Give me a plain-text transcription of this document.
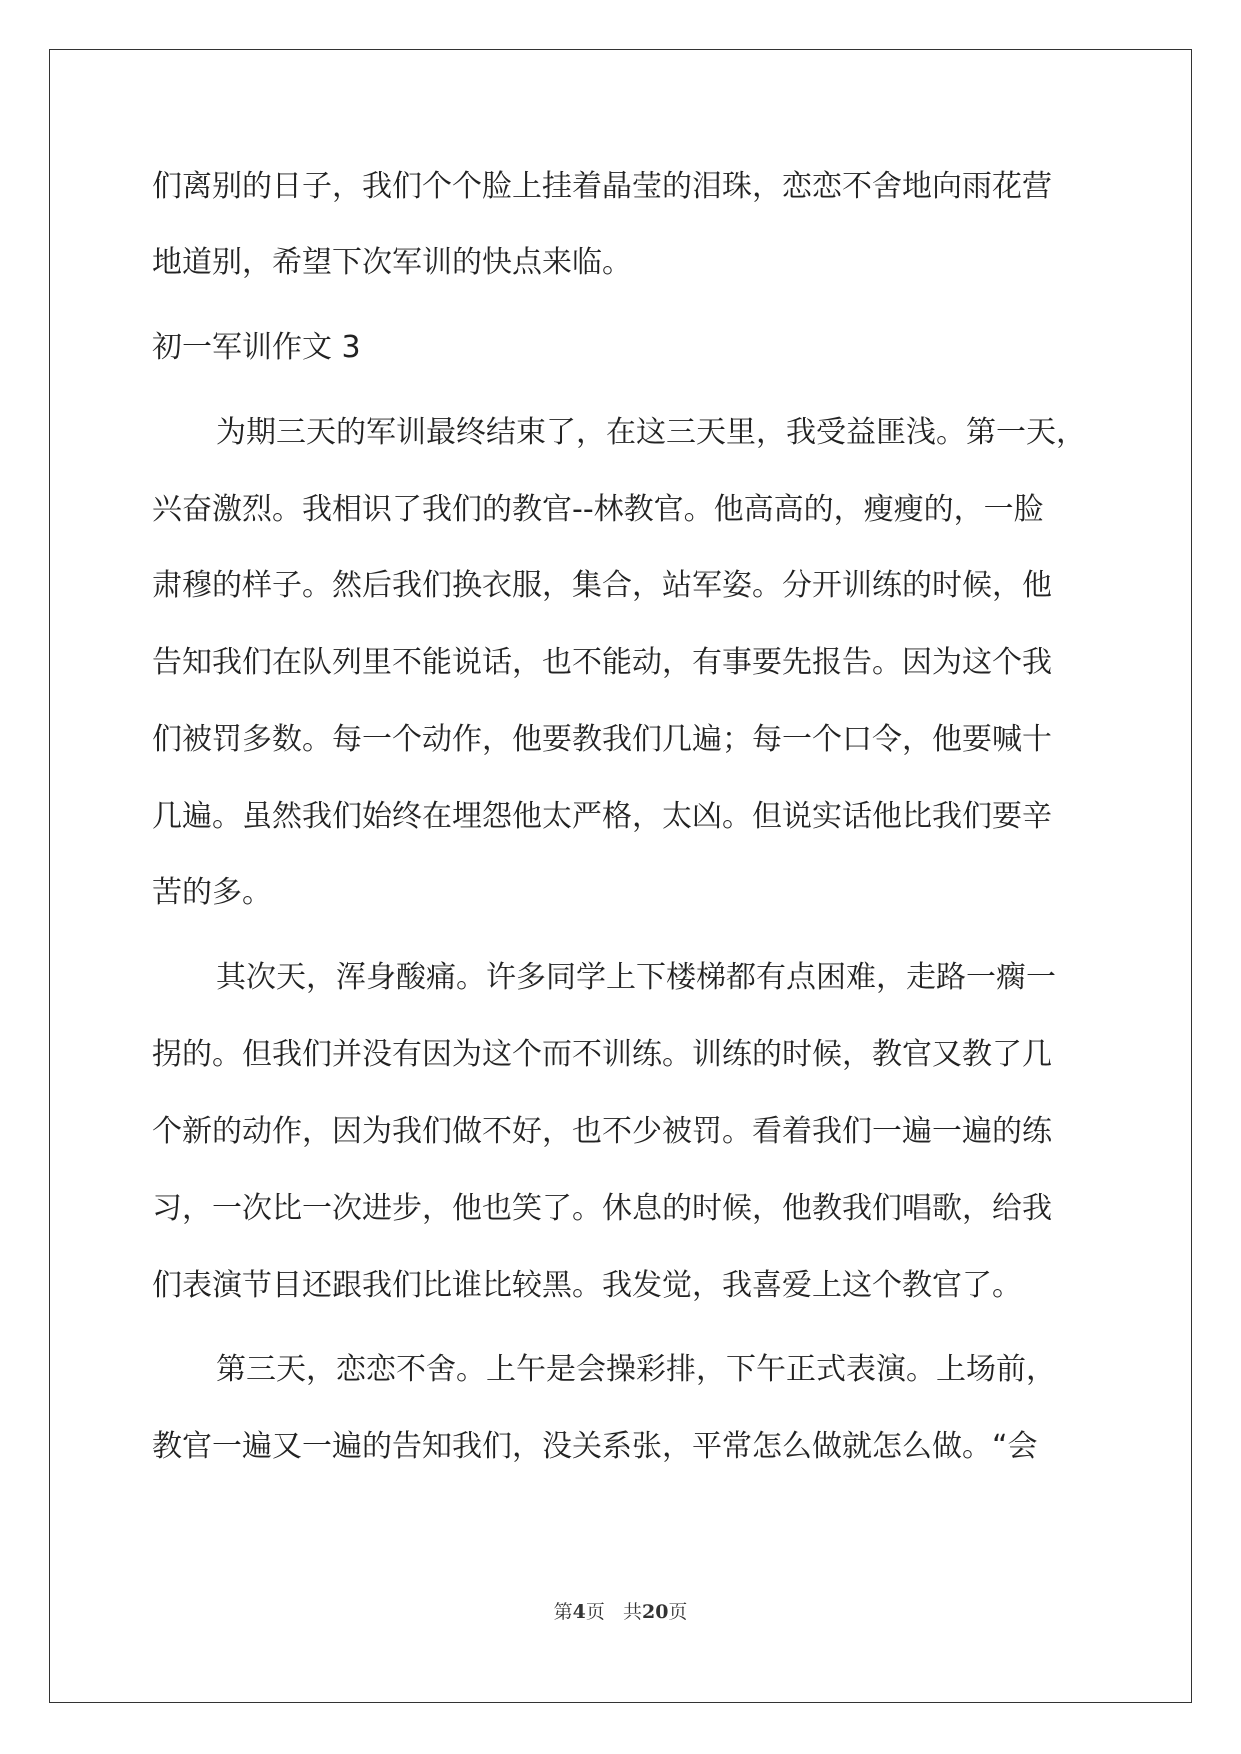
们离别的日子，我们个个脸上挂着晶莹的泪珠，恋恋不舍地向雨花营
地道别，希望下次军训的快点来临。
初一军训作文 3
为期三天的军训最终结束了，在这三天里，我受益匪浅。第一天，
兴奋激烈。我相识了我们的教官--林教官。他高高的，瘦瘦的，一脸
肃穆的样子。然后我们换衣服，集合，站军姿。分开训练的时候，他
告知我们在队列里不能说话，也不能动，有事要先报告。因为这个我
们被罚多数。每一个动作，他要教我们几遍；每一个口令，他要喊十
几遍。虽然我们始终在埋怨他太严格，太凶。但说实话他比我们要辛
苦的多。
其次天，浑身酸痛。许多同学上下楼梯都有点困难，走路一瘸一
拐的。但我们并没有因为这个而不训练。训练的时候，教官又教了几
个新的动作，因为我们做不好，也不少被罚。看着我们一遍一遍的练
习，一次比一次进步，他也笑了。休息的时候，他教我们唱歌，给我
们表演节目还跟我们比谁比较黑。我发觉，我喜爱上这个教官了。
第三天，恋恋不舍。上午是会操彩排，下午正式表演。上场前，
教官一遍又一遍的告知我们，没关系张，平常怎么做就怎么做。“会
第4页 共20页
